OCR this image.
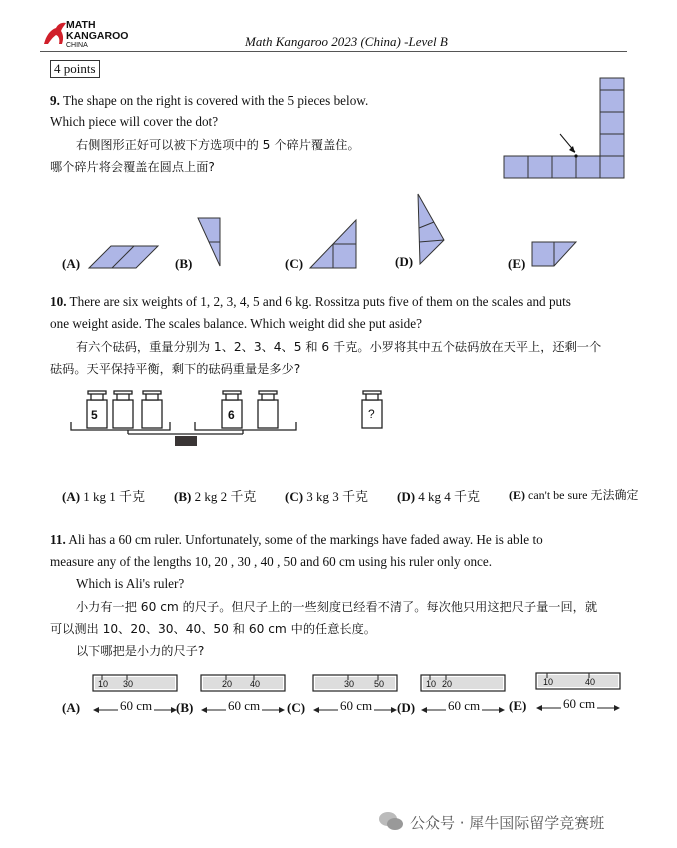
MATH
KANGAROO
CHINA	Math Kangaroo 2023 (China) -Level B
4 points
9. The shape on the right is covered with the 5 pieces below.
Which piece will cover the dot?
右侧图形正好可以被下方选项中的 5 个碎片覆盖住。
哪个碎片将会覆盖在圆点上面?
(A)	(B)	(C)	(D)	(E)
10. There are six weights of 1, 2, 3, 4, 5 and 6 kg. Rossitza puts five of them on the scales and puts
one weight aside. The scales balance. Which weight did she put aside?
有六个砝码，重量分别为 1、2、3、4、5 和 6 千克。小罗将其中五个砝码放在天平上，还剩一个
砝码。天平保持平衡，剩下的砝码重量是多少?
5	6	?
(A) 1 kg 1 千克 (B) 2 kg 2 千克 (C) 3 kg 3 千克 (D) 4 kg 4 千克 (E) can't be sure 无法确定
11. Ali has a 60 cm ruler. Unfortunately, some of the markings have faded away. He is able to
measure any of the lengths 10, 20 , 30 , 40 , 50 and 60 cm using his ruler only once.
Which is Ali's ruler?
小力有一把 60 cm 的尺子。但尺子上的一些刻度已经看不清了。每次他只用这把尺子量一回，就
可以测出 10、20、30、40、50 和 60 cm 中的任意长度。
以下哪把是小力的尺子?
(A)
10 30
60 cm (B)
20 40
60 cm (C)
30 50
60 cm (D)
10 20
60 cm (E)
10	40
60 cm
公众号 · 犀牛国际留学竞赛班
